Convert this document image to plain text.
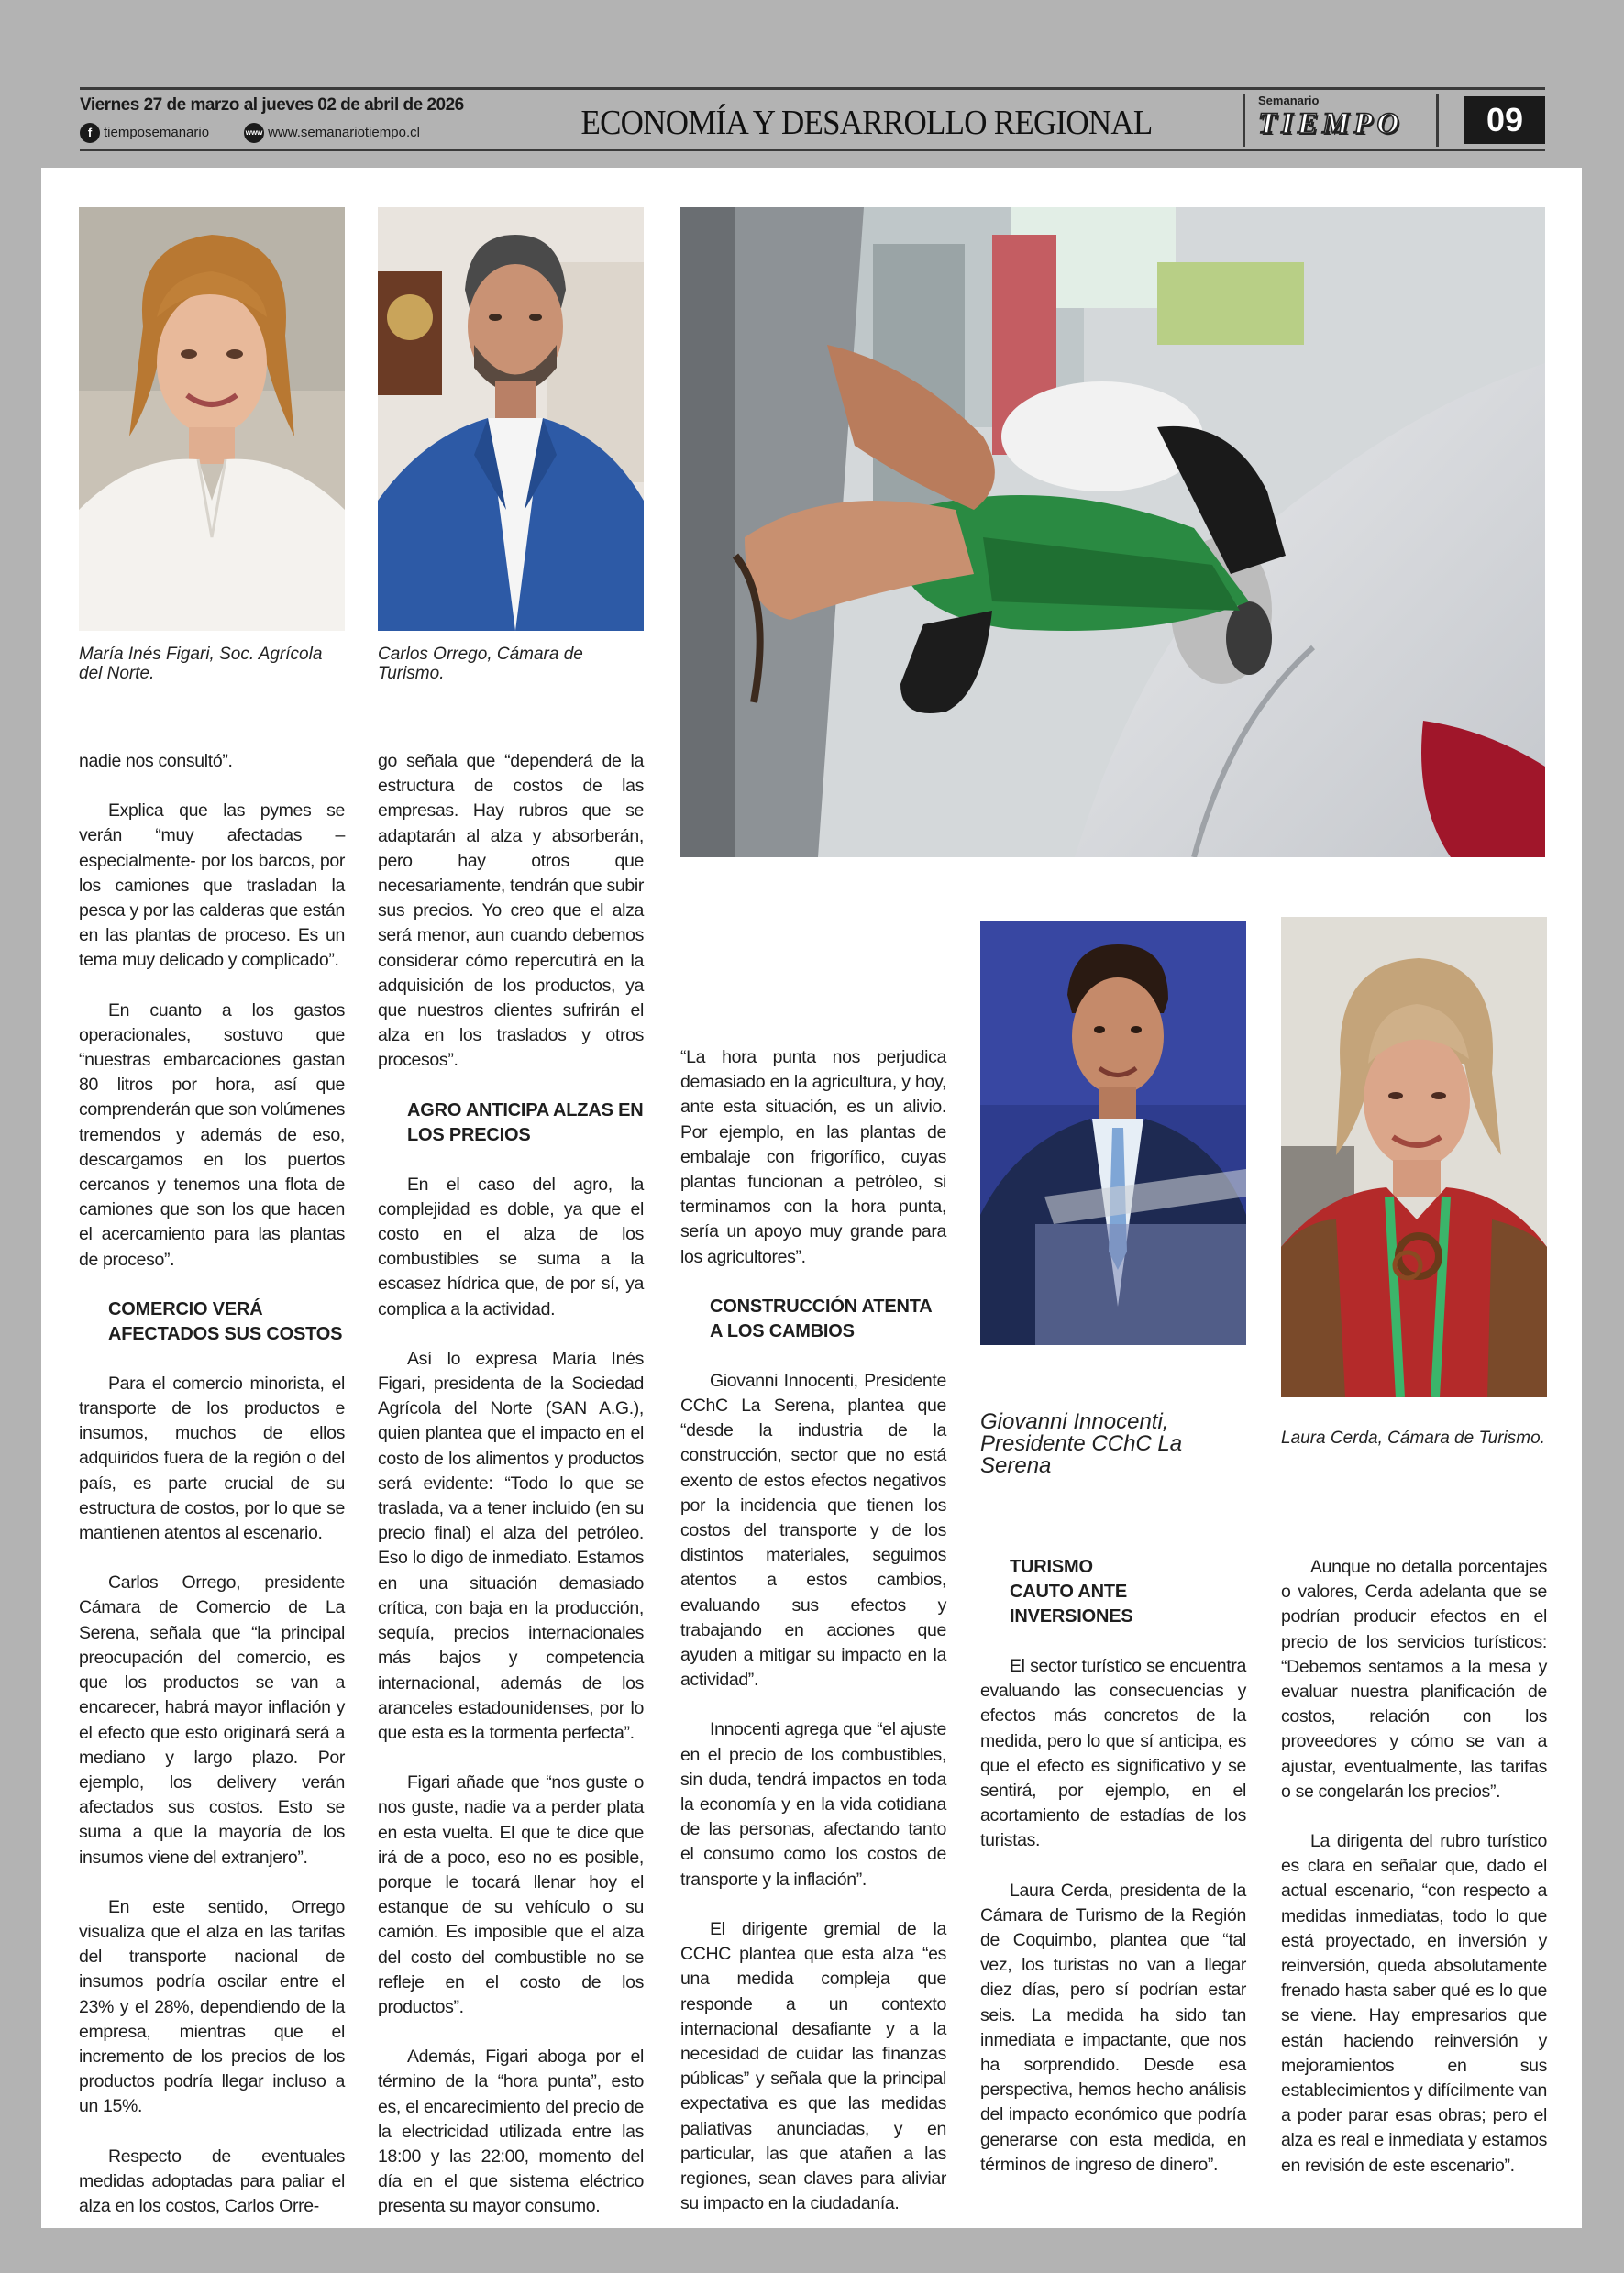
Viernes 27 de marzo al jueves 02 de abril de 2026
f tiemposemanario	www www.semanariotiempo.cl	ECONOMÍA Y DESARROLLO REGIONAL
Semanario
TIEMPO	09
María Inés Figari, Soc. Agrícola del Norte.
Carlos Orrego, Cámara de Turismo.
Giovanni Innocenti, Presidente CChC La Serena
Laura Cerda, Cámara de Turismo.

nadie nos consultó”.

Explica que las pymes se verán “muy afectadas –especialmente- por los barcos, por los camiones que trasladan la pesca y por las calderas que están en las plantas de proceso. Es un tema muy delicado y complicado”.

En cuanto a los gastos operacionales, sostuvo que “nuestras embarcaciones gastan 80 litros por hora, así que comprenderán que son volúmenes tremendos y además de eso, descargamos en los puertos cercanos y tenemos una flota de camiones que son los que hacen el acercamiento para las plantas de proceso”.

COMERCIO VERÁ AFECTADOS SUS COSTOS

Para el comercio minorista, el transporte de los productos e insumos, muchos de ellos adquiridos fuera de la región o del país, es parte crucial de su estructura de costos, por lo que se mantienen atentos al escenario.

Carlos Orrego, presidente Cámara de Comercio de La Serena, señala que “la principal preocupación del comercio, es que los productos se van a encarecer, habrá mayor inflación y el efecto que esto originará será a mediano y largo plazo. Por ejemplo, los delivery verán afectados sus costos. Esto se suma a que la mayoría de los insumos viene del extranjero”.

En este sentido, Orrego visualiza que el alza en las tarifas del transporte nacional de insumos podría oscilar entre el 23% y el 28%, dependiendo de la empresa, mientras que el incremento de los precios de los productos podría llegar incluso a un 15%.

Respecto de eventuales medidas adoptadas para paliar el alza en los costos, Carlos Orre-

go señala que “dependerá de la estructura de costos de las empresas. Hay rubros que se adaptarán al alza y absorberán, pero hay otros que necesariamente, tendrán que subir sus precios. Yo creo que el alza será menor, aun cuando debemos considerar cómo repercutirá en la adquisición de los productos, ya que nuestros clientes sufrirán el alza en los traslados y otros procesos”.

AGRO ANTICIPA ALZAS EN LOS PRECIOS

En el caso del agro, la complejidad es doble, ya que el costo en el alza de los combustibles se suma a la escasez hídrica que, de por sí, ya complica a la actividad.

Así lo expresa María Inés Figari, presidenta de la Sociedad Agrícola del Norte (SAN A.G.), quien plantea que el impacto en el costo de los alimentos y productos será evidente: “Todo lo que se traslada, va a tener incluido (en su precio final) el alza del petróleo. Eso lo digo de inmediato. Estamos en una situación demasiado crítica, con baja en la producción, sequía, precios internacionales más bajos y competencia internacional, además de los aranceles estadounidenses, por lo que esta es la tormenta perfecta”.

Figari añade que “nos guste o nos guste, nadie va a perder plata en esta vuelta. El que te dice que irá de a poco, eso no es posible, porque le tocará llenar hoy el estanque de su vehículo o su camión. Es imposible que el alza del costo del combustible no se refleje en el costo de los productos”.

Además, Figari aboga por el término de la “hora punta”, esto es, el encarecimiento del precio de la electricidad utilizada entre las 18:00 y las 22:00, momento del día en el que sistema eléctrico presenta su mayor consumo.

“La hora punta nos perjudica demasiado en la agricultura, y hoy, ante esta situación, es un alivio. Por ejemplo, en las plantas de embalaje con frigorífico, cuyas plantas funcionan a petróleo, si terminamos con la hora punta, sería un apoyo muy grande para los agricultores”.

CONSTRUCCIÓN ATENTA A LOS CAMBIOS

Giovanni Innocenti, Presidente CChC La Serena, plantea que “desde la industria de la construcción, sector que no está exento de estos efectos negativos por la incidencia que tienen los costos del transporte y de los distintos materiales, seguimos atentos a estos cambios, evaluando sus efectos y trabajando en acciones que ayuden a mitigar su impacto en la actividad”.

Innocenti agrega que “el ajuste en el precio de los combustibles, sin duda, tendrá impactos en toda la economía y en la vida cotidiana de las personas, afectando tanto el consumo como los costos de transporte y la inflación”.

El dirigente gremial de la CCHC plantea que esta alza “es una medida compleja que responde a un contexto internacional desafiante y a la necesidad de cuidar las finanzas públicas” y señala que la principal expectativa es que las medidas paliativas anunciadas, y en particular, las que atañen a las regiones, sean claves para aliviar su impacto en la ciudadanía.

TURISMO CAUTO ANTE INVERSIONES

El sector turístico se encuentra evaluando las consecuencias y efectos más concretos de la medida, pero lo que sí anticipa, es que el efecto es significativo y se sentirá, por ejemplo, en el acortamiento de estadías de los turistas.

Laura Cerda, presidenta de la Cámara de Turismo de la Región de Coquimbo, plantea que “tal vez, los turistas no van a llegar diez días, pero sí podrían estar seis. La medida ha sido tan inmediata e impactante, que nos ha sorprendido. Desde esa perspectiva, hemos hecho análisis del impacto económico que podría generarse con esta medida, en términos de ingreso de dinero”.

Aunque no detalla porcentajes o valores, Cerda adelanta que se podrían producir efectos en el precio de los servicios turísticos: “Debemos sentamos a la mesa y evaluar nuestra planificación de costos, relación con los proveedores y cómo se van a ajustar, eventualmente, las tarifas o se congelarán los precios”.

La dirigenta del rubro turístico es clara en señalar que, dado el actual escenario, “con respecto a medidas inmediatas, todo lo que está proyectado, en inversión y reinversión, queda absolutamente frenado hasta saber qué es lo que se viene. Hay empresarios que están haciendo reinversión y mejoramientos en sus establecimientos y difícilmente van a poder parar esas obras; pero el alza es real e inmediata y estamos en revisión de este escenario”.
